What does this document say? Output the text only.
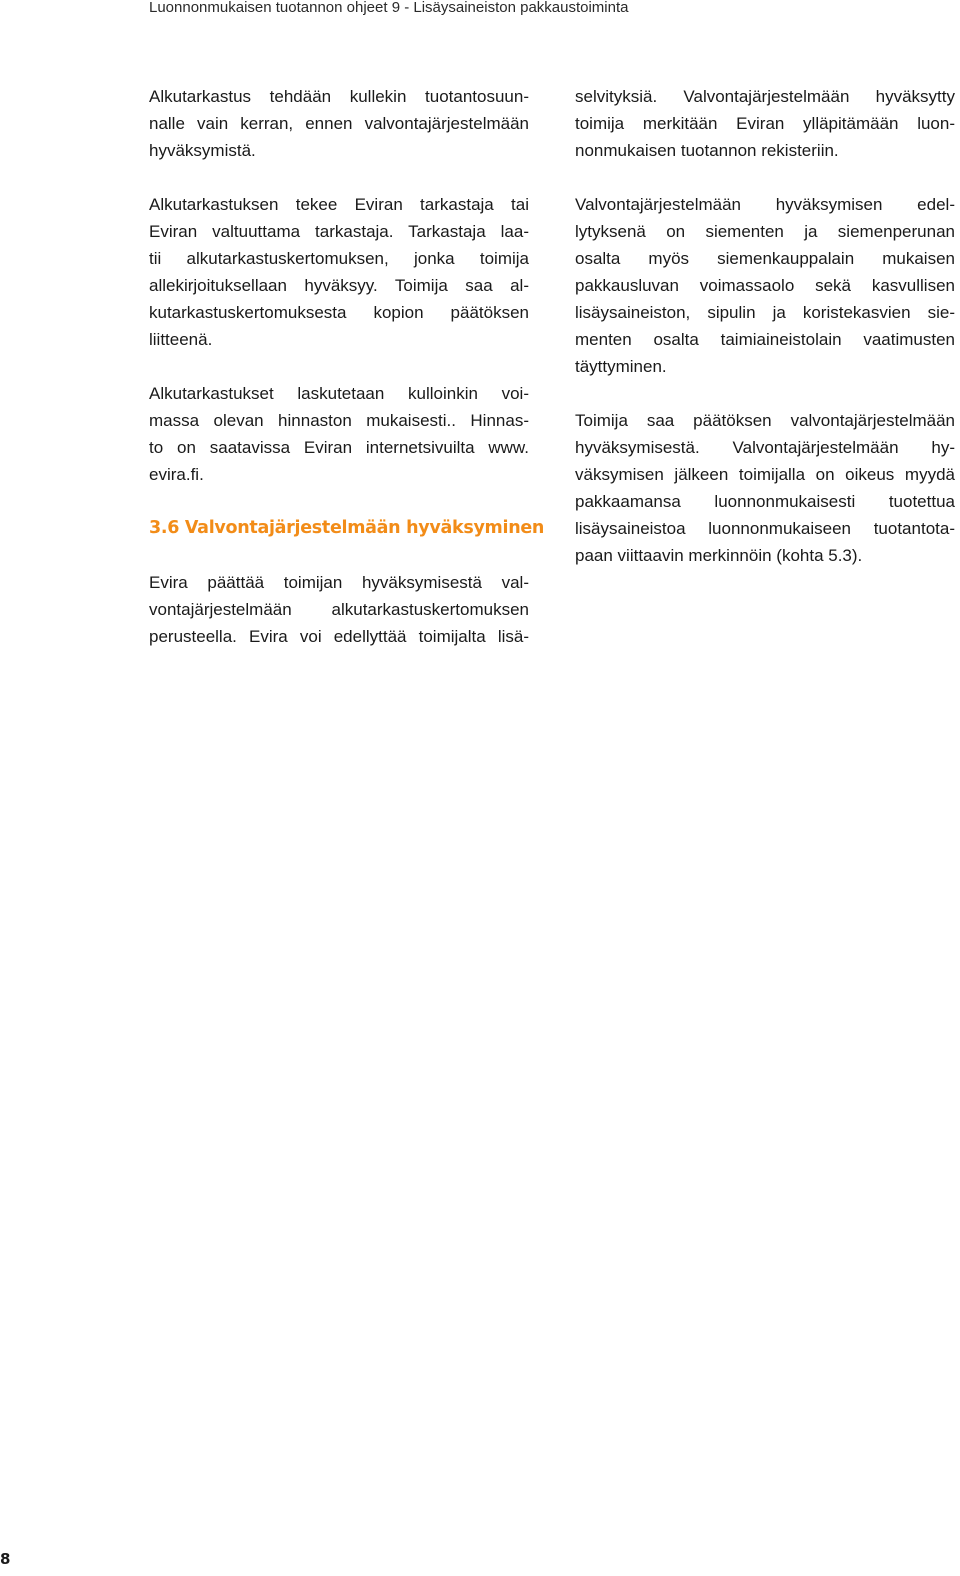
Luonnonmukaisen tuotannon ohjeet 9 - Lisäysaineiston pakkaustoiminta

Alkutarkastus tehdään kullekin tuotantosuun-
nalle vain kerran, ennen valvontajärjestelmään
hyväksymistä.

Alkutarkastuksen tekee Eviran tarkastaja tai
Eviran valtuuttama tarkastaja. Tarkastaja laa-
tii alkutarkastuskertomuksen, jonka toimija
allekirjoituksellaan hyväksyy. Toimija saa al-
kutarkastuskertomuksesta kopion päätöksen
liitteenä.

Alkutarkastukset laskutetaan kulloinkin voi-
massa olevan hinnaston mukaisesti.. Hinnas-
to on saatavissa Eviran internetsivuilta www.
evira.fi.

3.6 Valvontajärjestelmään hyväksyminen

Evira päättää toimijan hyväksymisestä val-
vontajärjestelmään alkutarkastuskertomuksen
perusteella. Evira voi edellyttää toimijalta lisä-

selvityksiä. Valvontajärjestelmään hyväksytty
toimija merkitään Eviran ylläpitämään luon-
nonmukaisen tuotannon rekisteriin.

Valvontajärjestelmään hyväksymisen edel-
lytyksenä on siementen ja siemenperunan
osalta myös siemenkauppalain mukaisen
pakkausluvan voimassaolo sekä kasvullisen
lisäysaineiston, sipulin ja koristekasvien sie-
menten osalta taimiaineistolain vaatimusten
täyttyminen.

Toimija saa päätöksen valvontajärjestelmään
hyväksymisestä. Valvontajärjestelmään hy-
väksymisen jälkeen toimijalla on oikeus myydä
pakkaamansa luonnonmukaisesti tuotettua
lisäysaineistoa luonnonmukaiseen tuotantota-
paan viittaavin merkinnöin (kohta 5.3).

8
